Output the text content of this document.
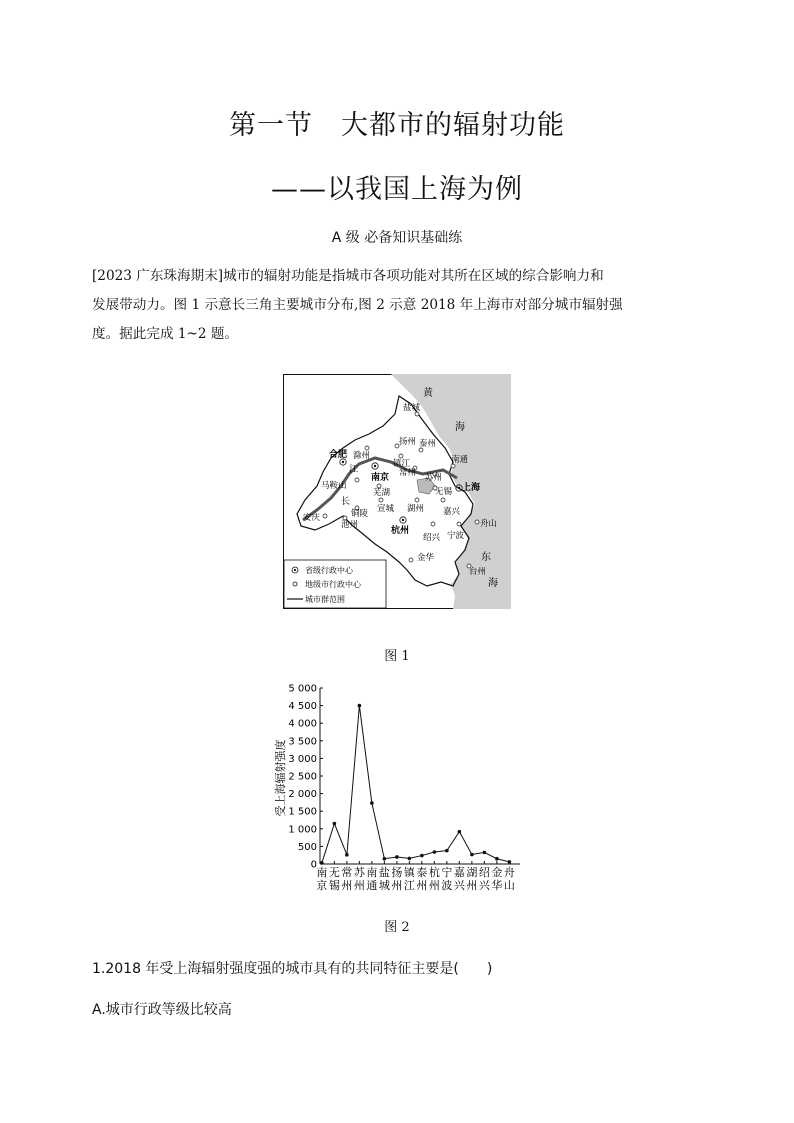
第一节　大都市的辐射功能
——以我国上海为例
A 级 必备知识基础练

[2023 广东珠海期末]城市的辐射功能是指城市各项功能对其所在区域的综合影响力和

发展带动力。图 1 示意长三角主要城市分布,图 2 示意 2018 年上海市对部分城市辐射强

度。据此完成 1~2 题。

黄
海
东
海
长
江
合肥
南京
杭州
上海
盐城
扬州 泰州
滁州
镇江	南通
常州 苏州
马鞍山
无锡
芜湖
安庆	铜陵 宣城 湖州 嘉兴
池州	舟山
绍兴 宁波
金华
台州
省级行政中心
地级市行政中心
城市群范围
图 1
受上海辐射强度
0
500
1 000
1 500
2 000
2 500
3 000
3 500
4 000
4 500
5 000
南京
无锡
常州
苏州
南通
盐城
扬州
镇江
泰州
杭州
宁波
嘉兴
湖州
绍兴
金华
舟山
图 2
1.2018 年受上海辐射强度强的城市具有的共同特征主要是(　　)
A.城市行政等级比较高
